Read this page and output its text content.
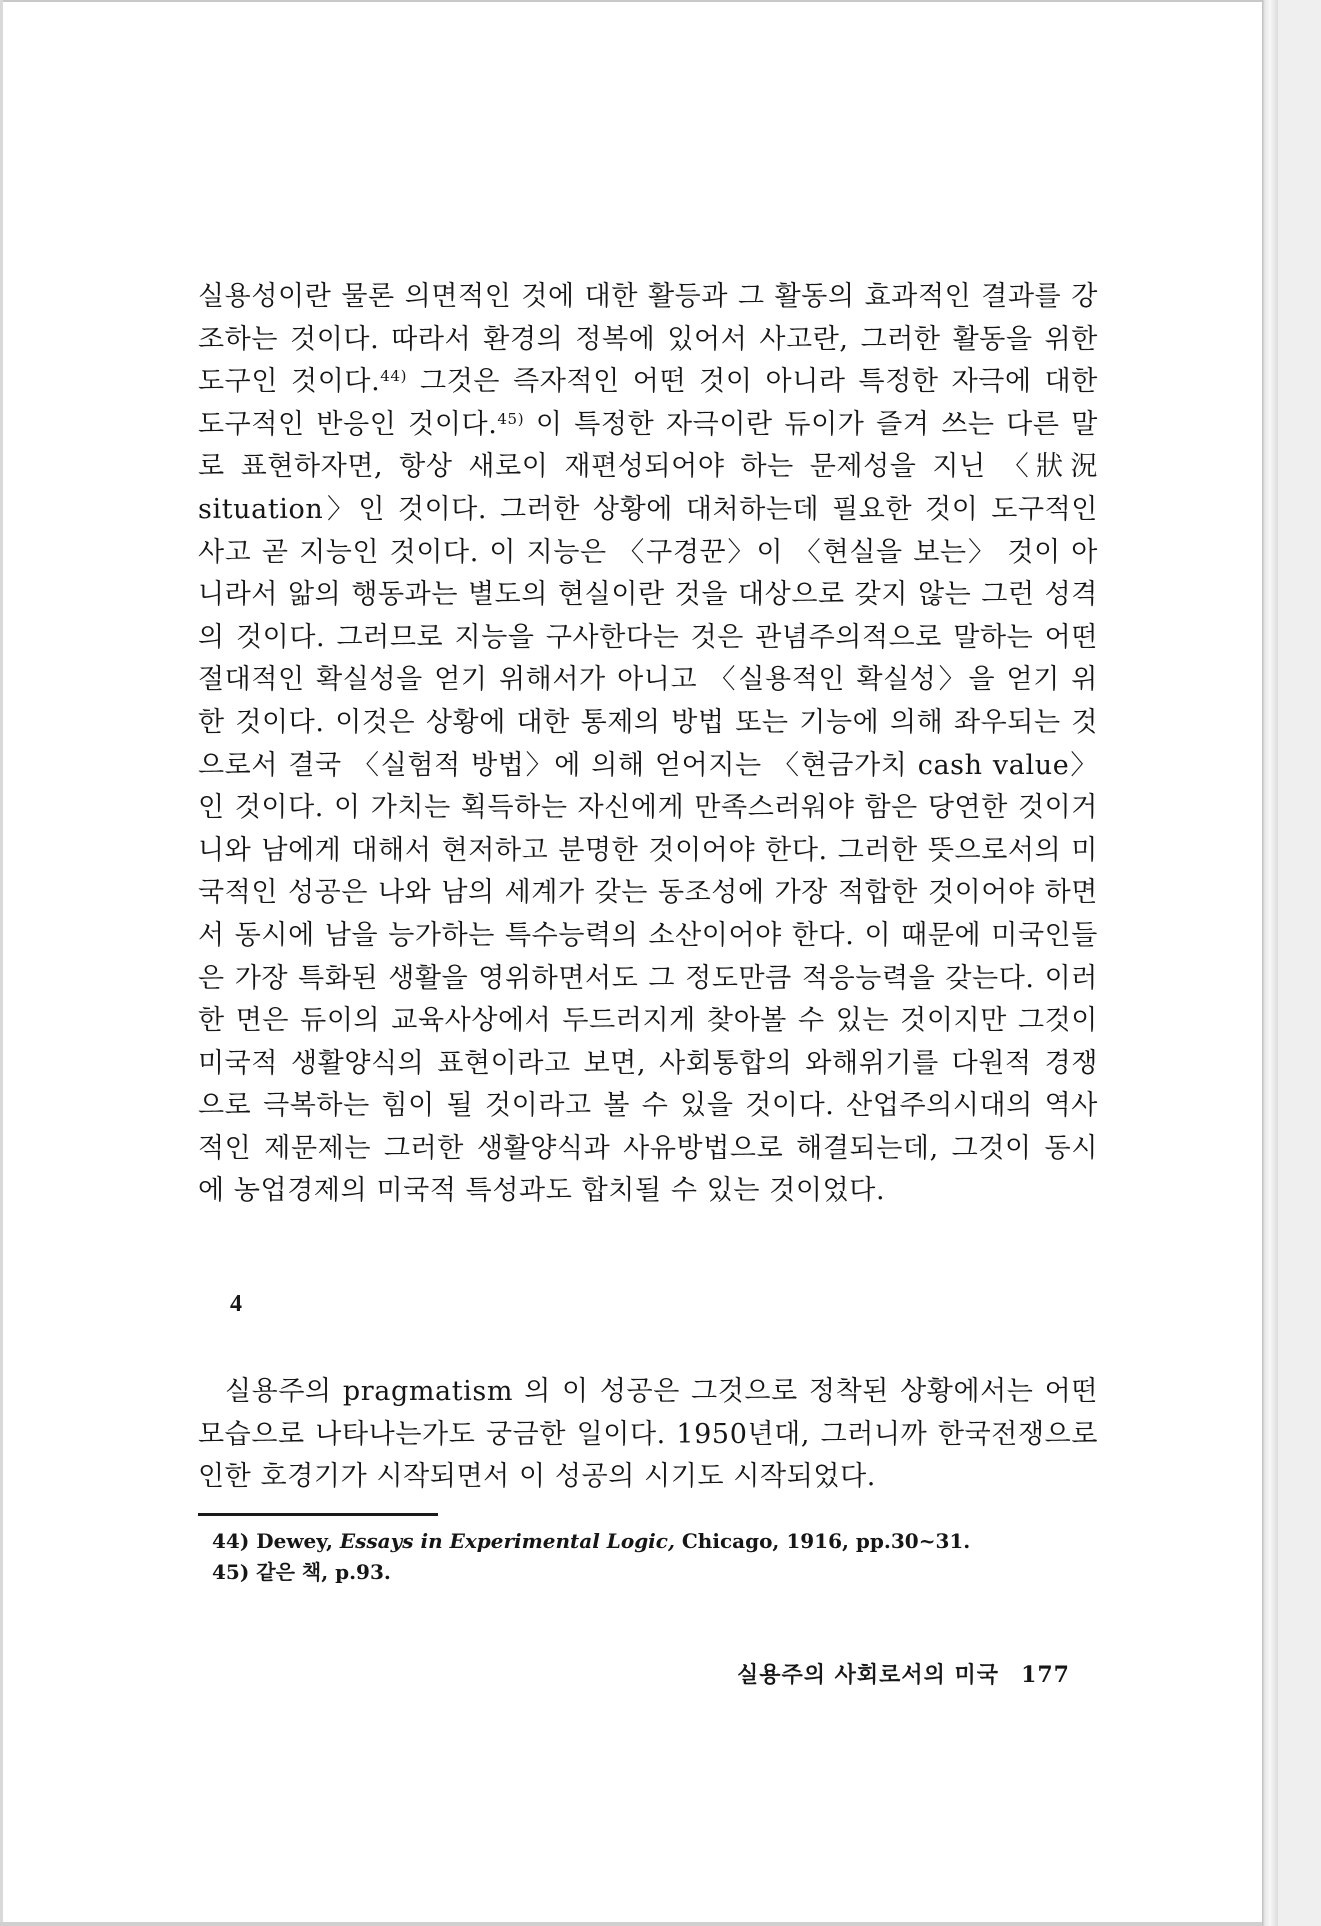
실용성이란 물론 의면적인 것에 대한 활등과 그 활동의 효과적인 결과를 강조하는 것이다. 따라서 환경의 정복에 있어서 사고란, 그러한 활동을 위한 도구인 것이다.$^{44)}$ 그것은 즉자적인 어떤 것이 아니라 특정한 자극에 대한 도구적인 반응인 것이다.$^{45)}$ 이 특정한 자극이란 듀이가 즐겨 쓰는 다른 말로 표현하자면, 항상 새로이 재편성되어야 하는 문제성을 지닌 〈狀況 situation〉인 것이다. 그러한 상황에 대처하는데 필요한 것이 도구적인 사고 곧 지능인 것이다. 이 지능은 〈구경꾼〉이 〈현실을 보는〉 것이 아니라서 앎의 행동과는 별도의 현실이란 것을 대상으로 갖지 않는 그런 성격의 것이다. 그러므로 지능을 구사한다는 것은 관념주의적으로 말하는 어떤 절대적인 확실성을 얻기 위해서가 아니고 〈실용적인 확실성〉을 얻기 위한 것이다. 이것은 상황에 대한 통제의 방법 또는 기능에 의해 좌우되는 것으로서 결국 〈실험적 방법〉에 의해 얻어지는 〈현금가치 cash value〉인 것이다. 이 가치는 획득하는 자신에게 만족스러워야 함은 당연한 것이거니와 남에게 대해서 현저하고 분명한 것이어야 한다. 그러한 뜻으로서의 미국적인 성공은 나와 남의 세계가 갖는 동조성에 가장 적합한 것이어야 하면서 동시에 남을 능가하는 특수능력의 소산이어야 한다. 이 때문에 미국인들은 가장 특화된 생활을 영위하면서도 그 정도만큼 적응능력을 갖는다. 이러한 면은 듀이의 교육사상에서 두드러지게 찾아볼 수 있는 것이지만 그것이 미국적 생활양식의 표현이라고 보면, 사회통합의 와해위기를 다원적 경쟁으로 극복하는 힘이 될 것이라고 볼 수 있을 것이다. 산업주의시대의 역사적인 제문제는 그러한 생활양식과 사유방법으로 해결되는데, 그것이 동시에 농업경제의 미국적 특성과도 합치될 수 있는 것이었다.

4

실용주의 pragmatism 의 이 성공은 그것으로 정착된 상황에서는 어떤 모습으로 나타나는가도 궁금한 일이다. 1950년대, 그러니까 한국전쟁으로 인한 호경기가 시작되면서 이 성공의 시기도 시작되었다.

44) Dewey, Essays in Experimental Logic, Chicago, 1916, pp.30~31.

45) 같은 책, p.93.

실용주의 사회로서의 미국 177
